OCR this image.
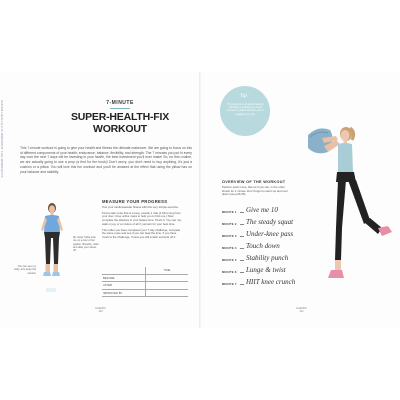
SUPER-HEALTH-FIX WORKOUT THE WORKOUTS	7-MINUTE
SUPER-HEALTH-FIX
WORKOUT
This 7-minute workout is going to give your health and fitness the ultimate makeover. We are going to focus on lots of different components of your health: endurance, balance, flexibility, and strength. The 7 minutes you put in every day over the next 7 days will be investing in your health, the best investment you'll ever make! So, for this routine, we are actually going to use a prop (a first for the book)! Don't worry, you don't need to buy anything, it's just a cushion or a pillow. You will love this fun workout and you'll be amazed at the effect that using the pillow has on your balance and stability.
My sister Sofia took me on a tour of her garden. Breathe, relax and take your shoes off.
You can see my belly, let's keep the tension
MEASURE YOUR PROGRESS

Test your cardiovascular fitness with this very simple exercise.

Find a safe route that is a loop, exactly 1 mile (1.6km) long from your door. (Use online maps to help you to find one.) Now complete the distance in your fastest time. That's it. You can run, walk or jog, or a mixture of all 3, just aim for your best time.

Then after you have completed your 7-day challenge, complete the same route and see if you can beat the time. If you have much to the challenge, I know you will smash seconds off it.

	TIME
BEFORE	
AFTER	
IMPROVED BY	
AGENDA
140
Tip
This workout is all about balance, handling it, standing on a soft cushion or pillow will force you to engage your core.
OVERVIEW OF THE WORKOUT
Perform each move, flat out if you can, in the order shown for 1 minute. Don't forget to warm up and cool down (see p20-25).
MINUTE 1 Give me 10
MINUTE 2 The steady squat
MINUTE 3 Under-knee pass
MINUTE 4 Touch down
MINUTE 5 Stability punch
MINUTE 6 Lunge & twist
MINUTE 7 HIIT knee crunch
AGENDA
141
